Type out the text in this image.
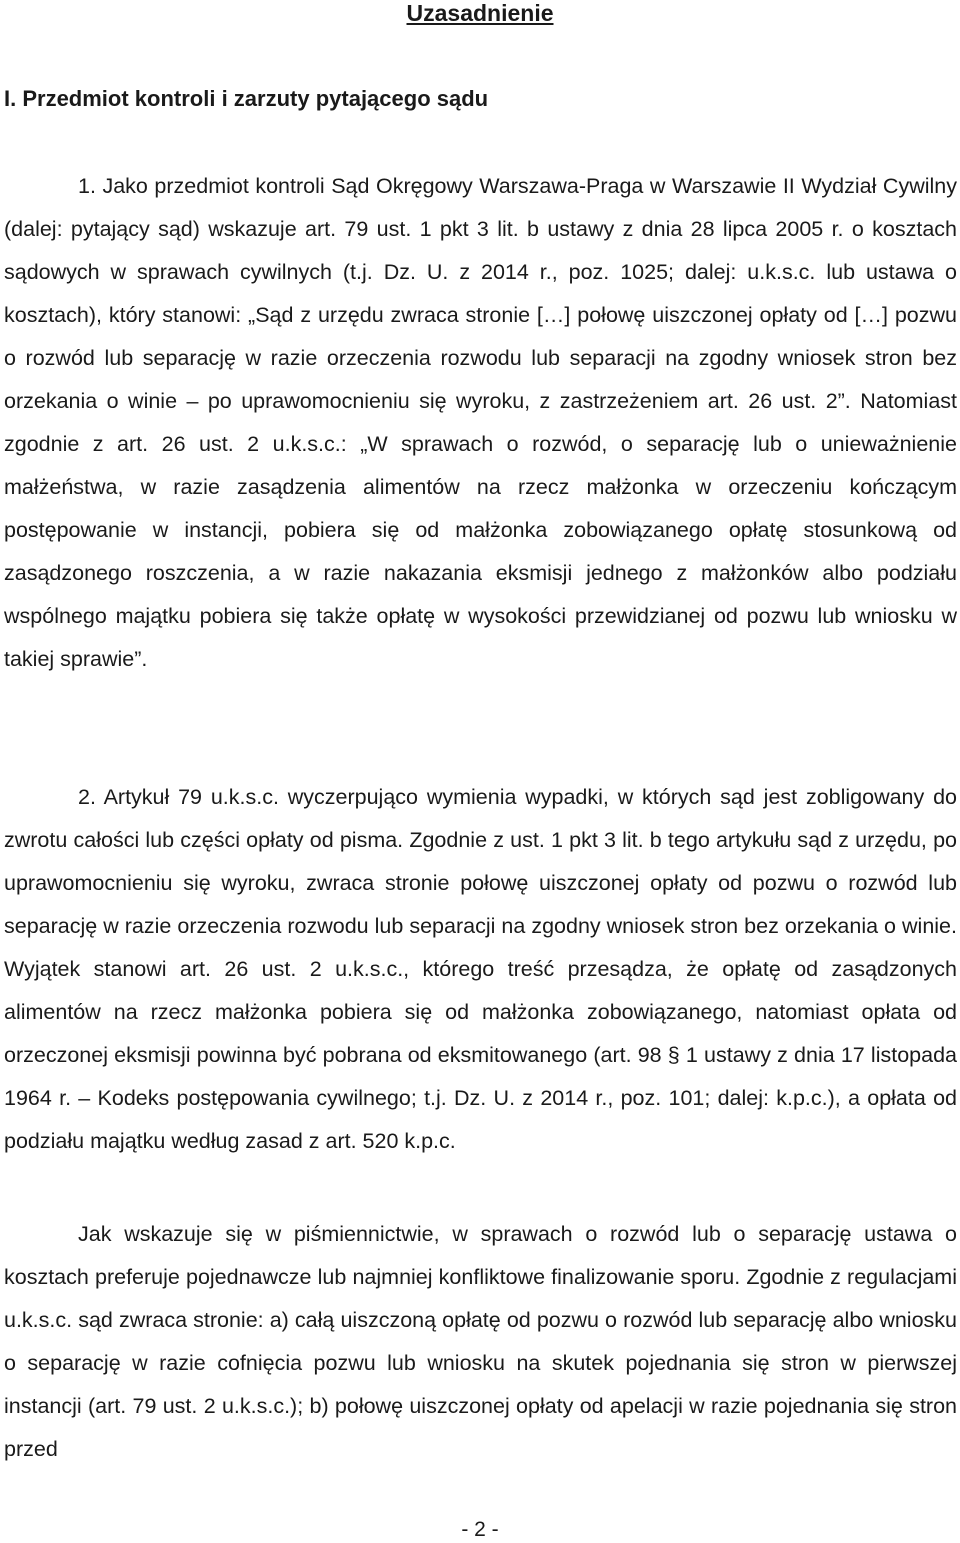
Uzasadnienie
I. Przedmiot kontroli i zarzuty pytającego sądu

1. Jako przedmiot kontroli Sąd Okręgowy Warszawa-Praga w Warszawie II Wydział Cywilny (dalej: pytający sąd) wskazuje art. 79 ust. 1 pkt 3 lit. b ustawy z dnia 28 lipca 2005 r. o kosztach sądowych w sprawach cywilnych (t.j. Dz. U. z 2014 r., poz. 1025; dalej: u.k.s.c. lub ustawa o kosztach), który stanowi: „Sąd z urzędu zwraca stronie […] połowę uiszczonej opłaty od […] pozwu o rozwód lub separację w razie orzeczenia rozwodu lub separacji na zgodny wniosek stron bez orzekania o winie – po uprawomocnieniu się wyroku, z zastrzeżeniem art. 26 ust. 2”. Natomiast zgodnie z art. 26 ust. 2 u.k.s.c.: „W sprawach o rozwód, o separację lub o unieważnienie małżeństwa, w razie zasądzenia alimentów na rzecz małżonka w orzeczeniu kończącym postępowanie w instancji, pobiera się od małżonka zobowiązanego opłatę stosunkową od zasądzonego roszczenia, a w razie nakazania eksmisji jednego z małżonków albo podziału wspólnego majątku pobiera się także opłatę w wysokości przewidzianej od pozwu lub wniosku w takiej sprawie”.

2. Artykuł 79 u.k.s.c. wyczerpująco wymienia wypadki, w których sąd jest zobligowany do zwrotu całości lub części opłaty od pisma. Zgodnie z ust. 1 pkt 3 lit. b tego artykułu sąd z urzędu, po uprawomocnieniu się wyroku, zwraca stronie połowę uiszczonej opłaty od pozwu o rozwód lub separację w razie orzeczenia rozwodu lub separacji na zgodny wniosek stron bez orzekania o winie. Wyjątek stanowi art. 26 ust. 2 u.k.s.c., którego treść przesądza, że opłatę od zasądzonych alimentów na rzecz małżonka pobiera się od małżonka zobowiązanego, natomiast opłata od orzeczonej eksmisji powinna być pobrana od eksmitowanego (art. 98 § 1 ustawy z dnia 17 listopada 1964 r. – Kodeks postępowania cywilnego; t.j. Dz. U. z 2014 r., poz. 101; dalej: k.p.c.), a opłata od podziału majątku według zasad z art. 520 k.p.c.

Jak wskazuje się w piśmiennictwie, w sprawach o rozwód lub o separację ustawa o kosztach preferuje pojednawcze lub najmniej konfliktowe finalizowanie sporu. Zgodnie z regulacjami u.k.s.c. sąd zwraca stronie: a) całą uiszczoną opłatę od pozwu o rozwód lub separację albo wniosku o separację w razie cofnięcia pozwu lub wniosku na skutek pojednania się stron w pierwszej instancji (art. 79 ust. 2 u.k.s.c.); b) połowę uiszczonej opłaty od apelacji w razie pojednania się stron przed

- 2 -
